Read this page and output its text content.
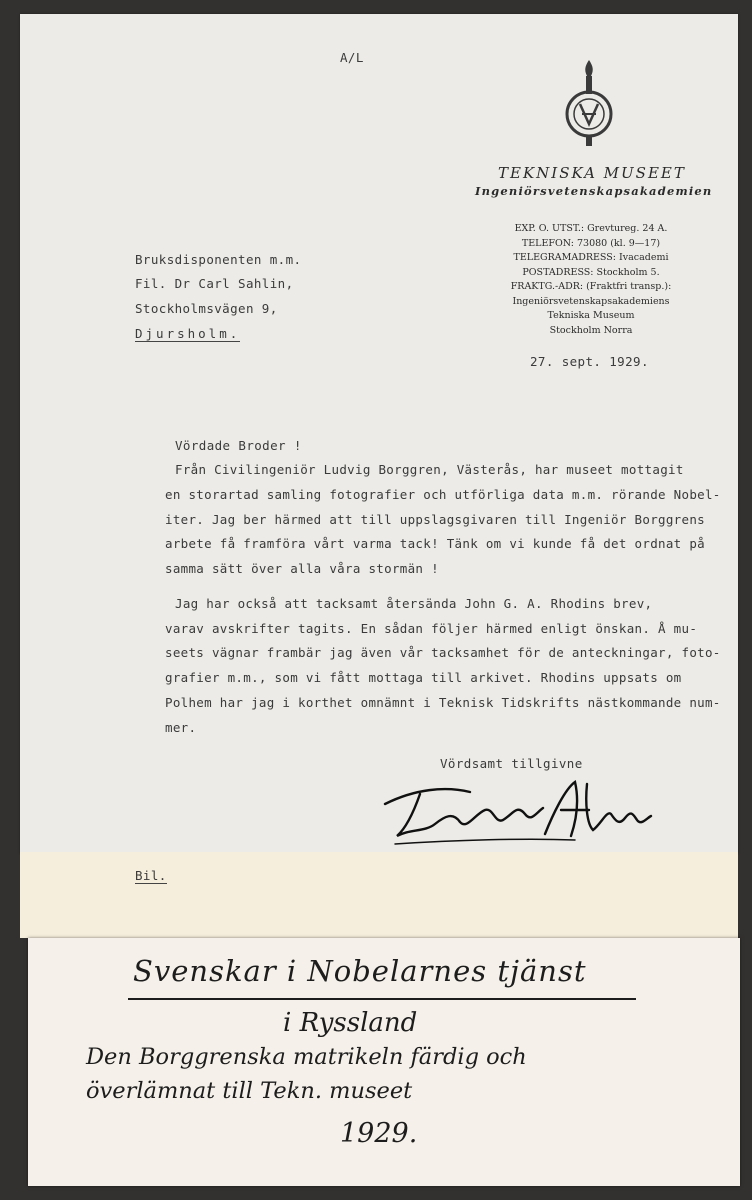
A/L
TEKNISKA MUSEET
Ingeniörsvetenskapsakademien
EXP. O. UTST.: Grevtureg. 24 A.
TELEFON: 73080 (kl. 9—17)
TELEGRAMADRESS: Ivacademi
POSTADRESS: Stockholm 5.
FRAKTG.-ADR: (Fraktfri transp.):
Ingeniörsvetenskapsakademiens
Tekniska Museum
Stockholm Norra
27. sept. 1929.
Bruksdisponenten m.m.
Fil. Dr Carl Sahlin,
Stockholmsvägen 9,
Djursholm.
Vördade Broder !
Från Civilingeniör Ludvig Borggren, Västerås, har museet mottagit
en storartad samling fotografier och utförliga data m.m. rörande Nobel-
iter. Jag ber härmed att till uppslagsgivaren till Ingeniör Borggrens
arbete få framföra vårt varma tack! Tänk om vi kunde få det ordnat på
samma sätt över alla våra stormän !
Jag har också att tacksamt återsända John G. A. Rhodins brev,
varav avskrifter tagits. En sådan följer härmed enligt önskan. Å mu-
seets vägnar frambär jag även vår tacksamhet för de anteckningar, foto-
grafier m.m., som vi fått mottaga till arkivet. Rhodins uppsats om
Polhem har jag i korthet omnämnt i Teknisk Tidskrifts nästkommande num-
mer.
Vördsamt tillgivne
Bil.
Svenskar i Nobelarnes tjänst
i Ryssland
Den Borggrenska matrikeln färdig och
överlämnat till Tekn. museet
1929.
